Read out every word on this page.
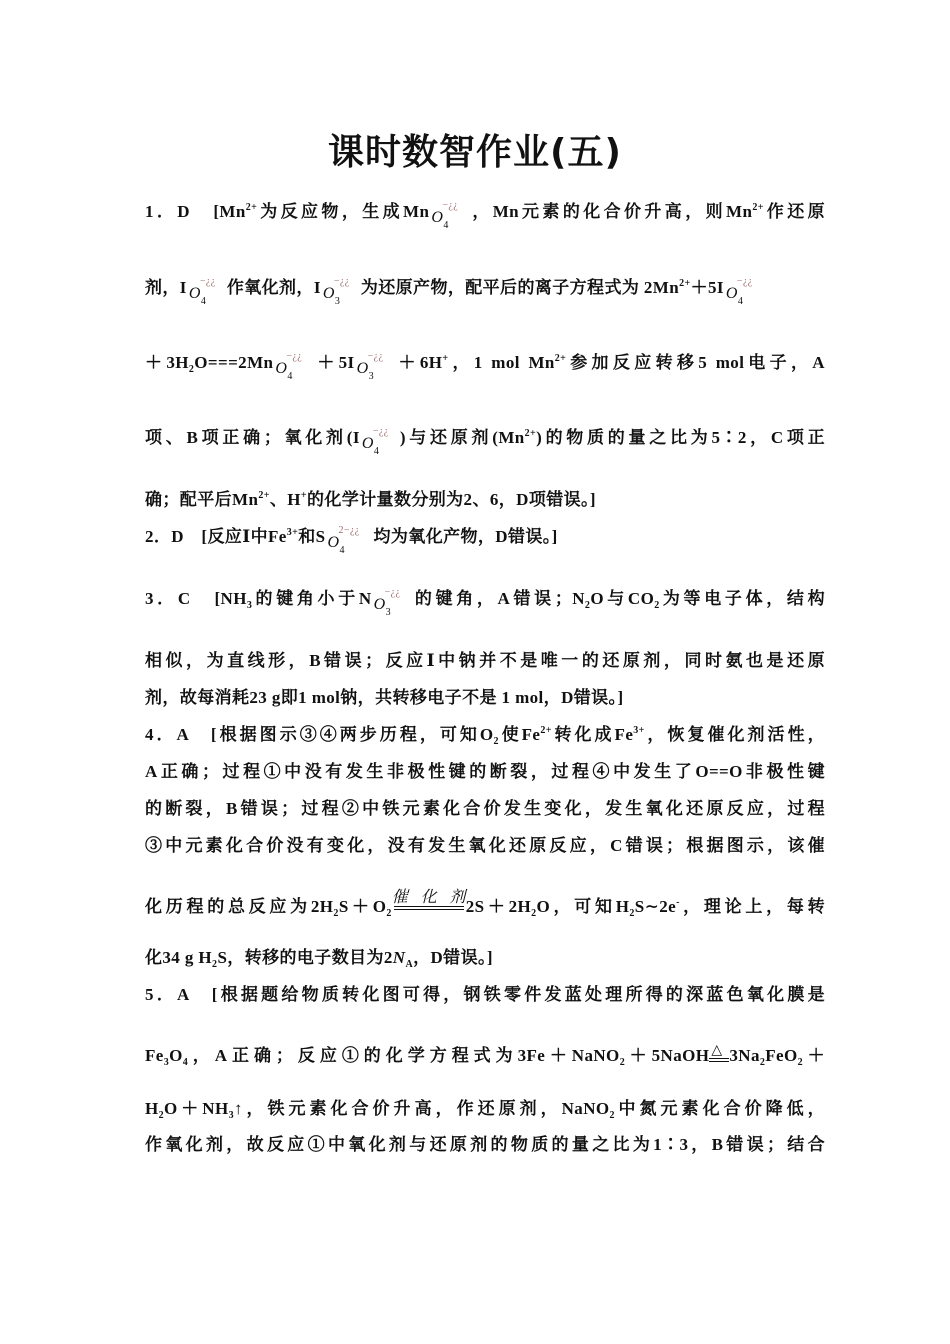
课时数智作业(五)
1．D　[$Mn^{2+}$为反应物，生成Mn O 4
−¿¿ ，Mn元素的化合价升高，则$Mn^{2+}$作还原
剂，I O 4
−¿¿ 作氧化剂，I O 3
−¿¿ 为还原产物，配平后的离子方程式为 $2Mn^{2+}+5I$ O 4
−¿¿
$+3H_2O===2Mn$ O 4
−¿¿ ＋5I O 3
−¿¿ ＋6H+，1 mol $Mn^{2+}$参加反应转移5 mol电子，A
项、B项正确；氧化剂(I O 4
−¿¿ )与还原剂$(Mn^{2+})$的物质的量之比为5∶2，C项正
确；配平后$Mn^{2+}$、H+的化学计量数分别为2、6，D项错误。]
2．D　[反应Ⅰ中$Fe^{3+}$和S O 4
2−¿¿ 均为氧化产物，D错误。]
3．C　[$NH_3$的键角小于N O 3
−¿¿ 的键角，A错误；$N_2O$与$CO_2$为等电子体，结构
相似，为直线形，B错误；反应Ⅰ中钠并不是唯一的还原剂，同时氨也是还原
剂，故每消耗23 g即1 mol钠，共转移电子不是 1 mol，D错误。]
4．A　[根据图示③④两步历程，可知$O_2$使$Fe^{2+}$转化成$Fe^{3+}$，恢复催化剂活性，
A正确；过程①中没有发生非极性键的断裂，过程④中发生了O==O非极性键
的断裂，B错误；过程②中铁元素化合价发生变化，发生氧化还原反应，过程
③中元素化合价没有变化，没有发生氧化还原反应，C错误；根据图示，该催
化历程的总反应为$2H_2S+O_2$
催化剂 $2S+2H_2O$，可知$H_2S\sim 2e^-$，理论上，每转
化34 g $H_2S$，转移的电子数目为$2N_A$，D错误。]
5．A　[根据题给物质转化图可得，钢铁零件发蓝处理所得的深蓝色氧化膜是
$Fe_3O_4$，A正确；反应①的化学方程式为3Fe＋NaNO$_2$＋5NaOH △ $3Na_2FeO_2+$
$H_2O+NH_3↑$，铁元素化合价升高，作还原剂，NaNO$_2$中氮元素化合价降低，
作氧化剂，故反应①中氧化剂与还原剂的物质的量之比为1∶3，B错误；结合
